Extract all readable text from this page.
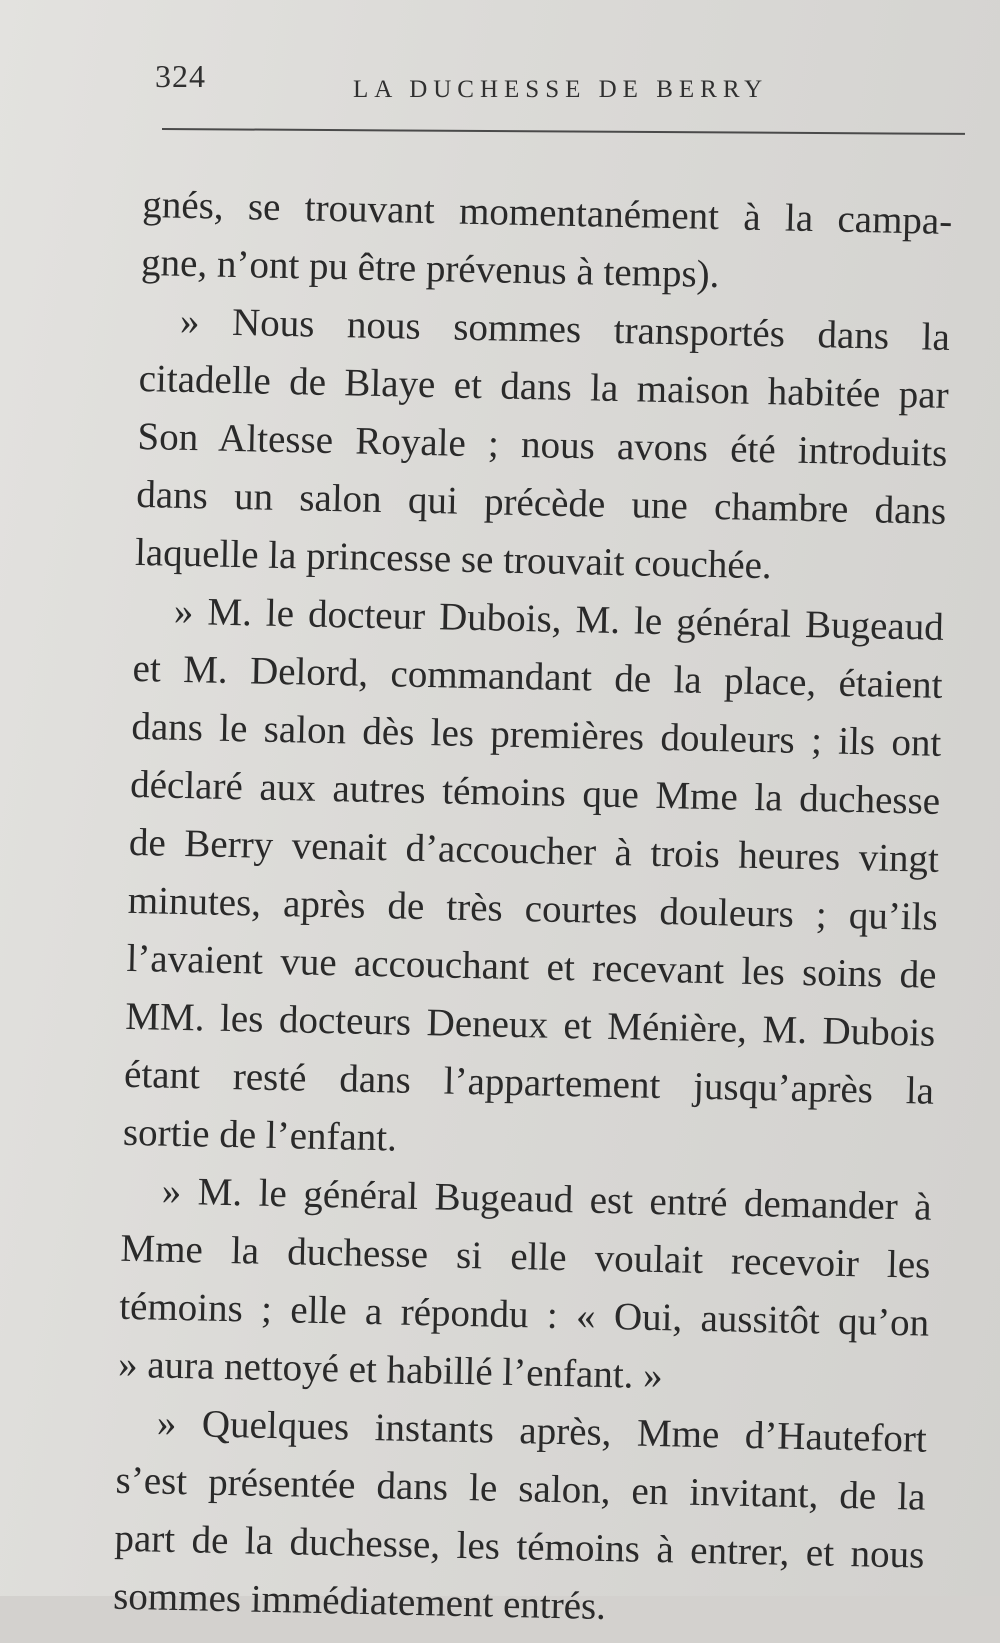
324	LA DUCHESSE DE BERRY
gnés, se trouvant momentanément à la campa-
gne, n’ont pu être prévenus à temps).
» Nous nous sommes transportés dans la
citadelle de Blaye et dans la maison habitée par
Son Altesse Royale ; nous avons été introduits
dans un salon qui précède une chambre dans
laquelle la princesse se trouvait couchée.
» M. le docteur Dubois, M. le général Bugeaud
et M. Delord, commandant de la place, étaient
dans le salon dès les premières douleurs ; ils ont
déclaré aux autres témoins que Mme la duchesse
de Berry venait d’accoucher à trois heures vingt
minutes, après de très courtes douleurs ; qu’ils
l’avaient vue accouchant et recevant les soins de
MM. les docteurs Deneux et Ménière, M. Dubois
étant resté dans l’appartement jusqu’après la
sortie de l’enfant.
» M. le général Bugeaud est entré demander à
Mme la duchesse si elle voulait recevoir les
témoins ; elle a répondu : « Oui, aussitôt qu’on
» aura nettoyé et habillé l’enfant. »
» Quelques instants après, Mme d’Hautefort
s’est présentée dans le salon, en invitant, de la
part de la duchesse, les témoins à entrer, et nous
sommes immédiatement entrés.
